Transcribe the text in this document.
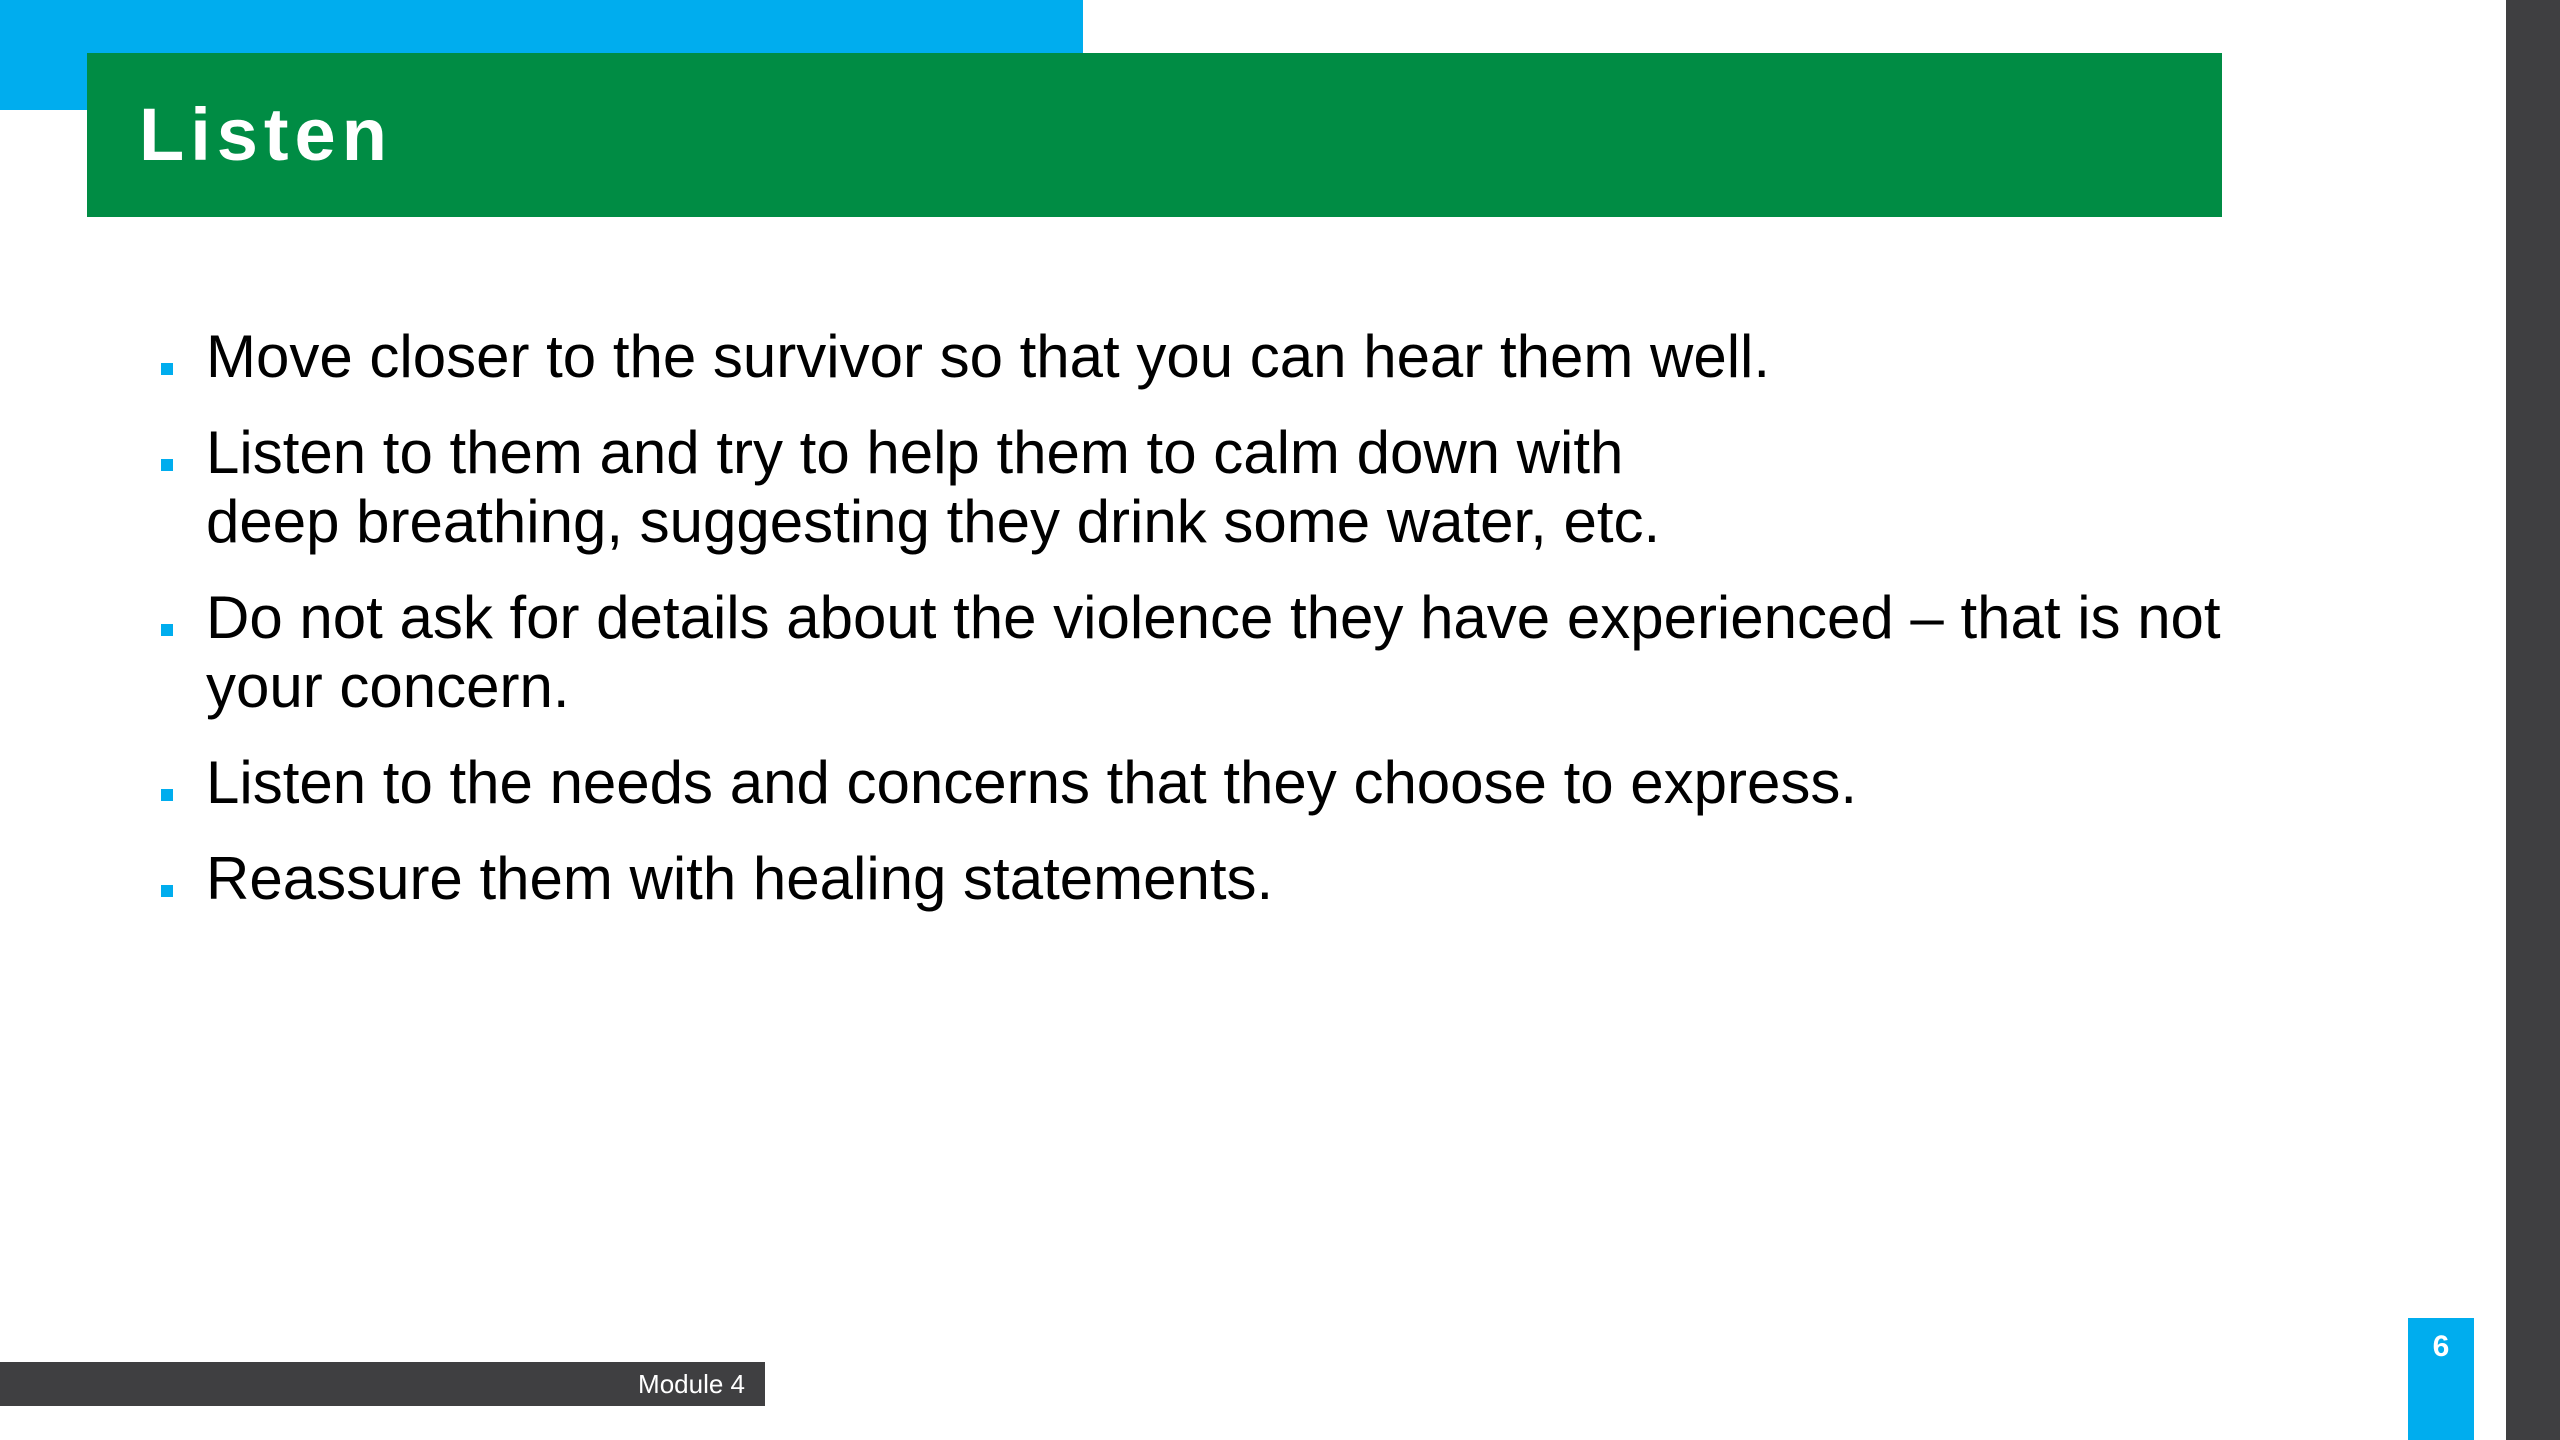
Listen
Move closer to the survivor so that you can hear them well.
Listen to them and try to help them to calm down with
deep breathing, suggesting they drink some water, etc.
Do not ask for details about the violence they have experienced – that is not
your concern.
Listen to the needs and concerns that they choose to express.
Reassure them with healing statements.
Module 4
6
